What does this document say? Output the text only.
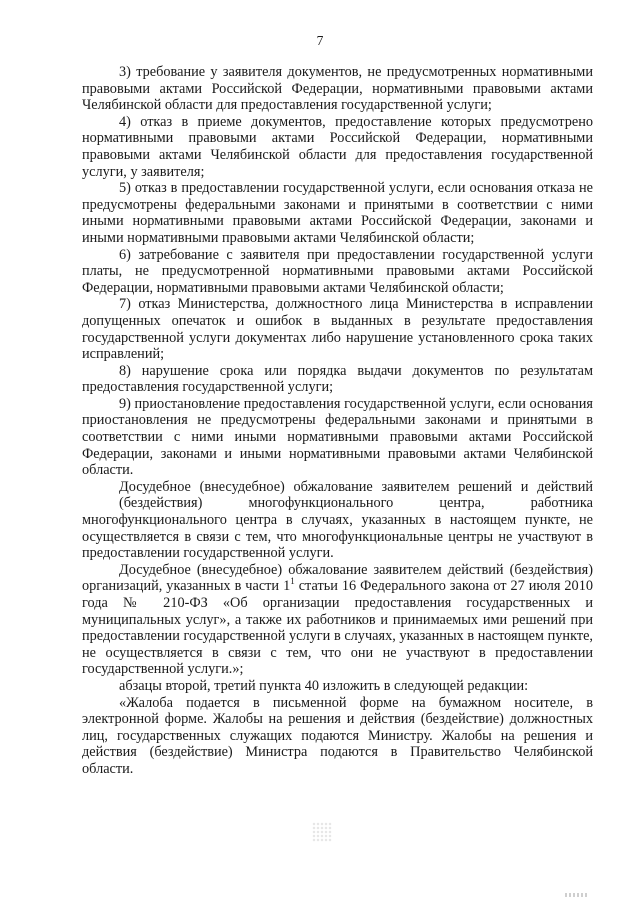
7

3) требование у заявителя документов, не предусмотренных нормативными правовыми актами Российской Федерации, нормативными правовыми актами Челябинской области для предоставления государственной услуги;

4) отказ в приеме документов, предоставление которых предусмотрено нормативными правовыми актами Российской Федерации, нормативными правовыми актами Челябинской области для предоставления государственной услуги, у заявителя;

5) отказ в предоставлении государственной услуги, если основания отказа не предусмотрены федеральными законами и принятыми в соответствии с ними иными нормативными правовыми актами Российской Федерации, законами и иными нормативными правовыми актами Челябинской области;

6) затребование с заявителя при предоставлении государственной услуги платы, не предусмотренной нормативными правовыми актами Российской Федерации, нормативными правовыми актами Челябинской области;

7) отказ Министерства, должностного лица Министерства в исправлении допущенных опечаток и ошибок в выданных в результате предоставления государственной услуги документах либо нарушение установленного срока таких исправлений;

8) нарушение срока или порядка выдачи документов по результатам предоставления государственной услуги;

9) приостановление предоставления государственной услуги, если основания приостановления не предусмотрены федеральными законами и принятыми в соответствии с ними иными нормативными правовыми актами Российской Федерации, законами и иными нормативными правовыми актами Челябинской области.

Досудебное (внесудебное) обжалование заявителем решений и действий

(бездействия)	многофункционального	центра,	работника

многофункционального центра в случаях, указанных в настоящем пункте, не осуществляется в связи с тем, что многофункциональные центры не участвуют в предоставлении государственной услуги.

Досудебное (внесудебное) обжалование заявителем действий (бездействия) организаций, указанных в части $1^1$ статьи 16 Федерального закона от 27 июля 2010 года № 210-ФЗ «Об организации предоставления государственных и муниципальных услуг», а также их работников и принимаемых ими решений при предоставлении государственной услуги в случаях, указанных в настоящем пункте, не осуществляется в связи с тем, что они не участвуют в предоставлении государственной услуги.»;

абзацы второй, третий пункта 40 изложить в следующей редакции:

«Жалоба подается в письменной форме на бумажном носителе, в электронной форме. Жалобы на решения и действия (бездействие) должностных лиц, государственных служащих подаются Министру. Жалобы на решения и действия (бездействие) Министра подаются в Правительство Челябинской области.
